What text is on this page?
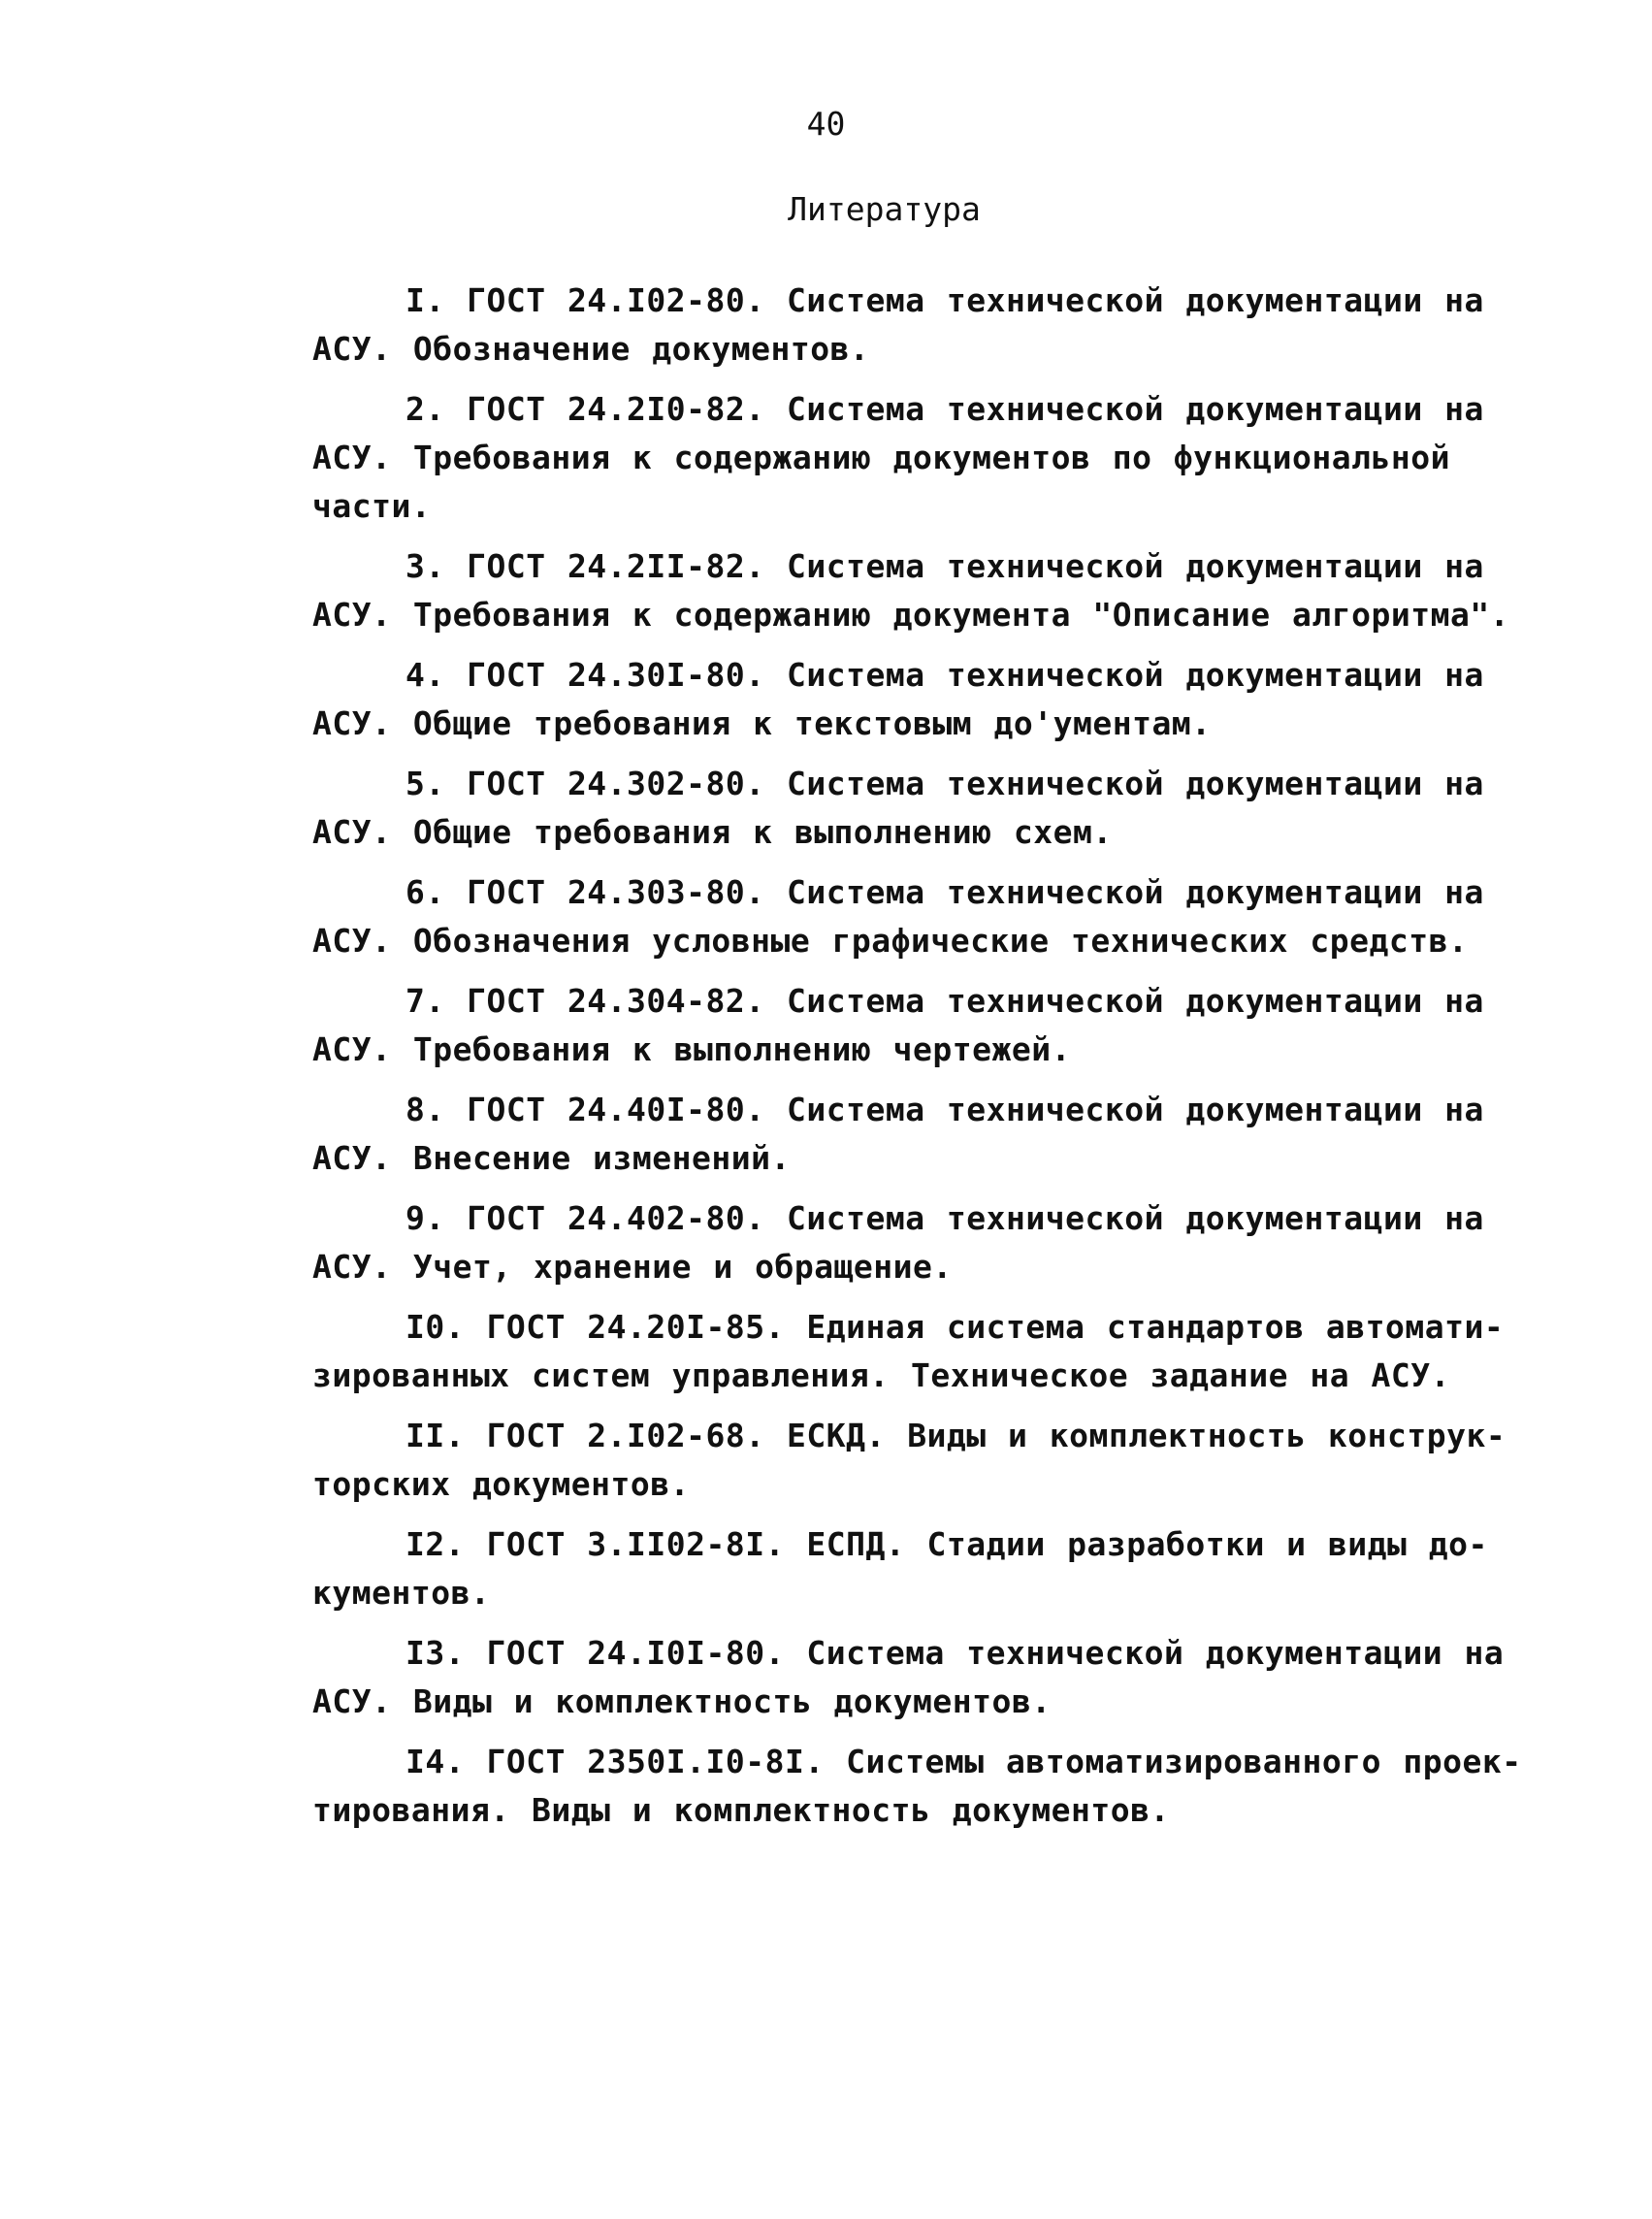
40
Литература
I. ГОСТ 24.I02-80. Система технической документации на
АСУ. Обозначение документов.
2. ГОСТ 24.2I0-82. Система технической документации на
АСУ. Требования к содержанию документов по функциональной
части.
3. ГОСТ 24.2II-82. Система технической документации на
АСУ. Требования к содержанию документа "Описание алгоритма".
4. ГОСТ 24.30I-80. Система технической документации на
АСУ. Общие требования к текстовым до'ументам.
5. ГОСТ 24.302-80. Система технической документации на
АСУ. Общие требования к выполнению схем.
6. ГОСТ 24.303-80. Система технической документации на
АСУ. Обозначения условные графические технических средств.
7. ГОСТ 24.304-82. Система технической документации на
АСУ. Требования к выполнению чертежей.
8. ГОСТ 24.40I-80. Система технической документации на
АСУ. Внесение изменений.
9. ГОСТ 24.402-80. Система технической документации на
АСУ. Учет, хранение и обращение.
I0. ГОСТ 24.20I-85. Единая система стандартов автомати-
зированных систем управления. Техническое задание на АСУ.
II. ГОСТ 2.I02-68. ЕСКД. Виды и комплектность конструк-
торских документов.
I2. ГОСТ 3.II02-8I. ЕСПД. Стадии разработки и виды до-
кументов.
I3. ГОСТ 24.I0I-80. Система технической документации на
АСУ. Виды и комплектность документов.
I4. ГОСТ 2350I.I0-8I. Системы автоматизированного проек-
тирования. Виды и комплектность документов.
